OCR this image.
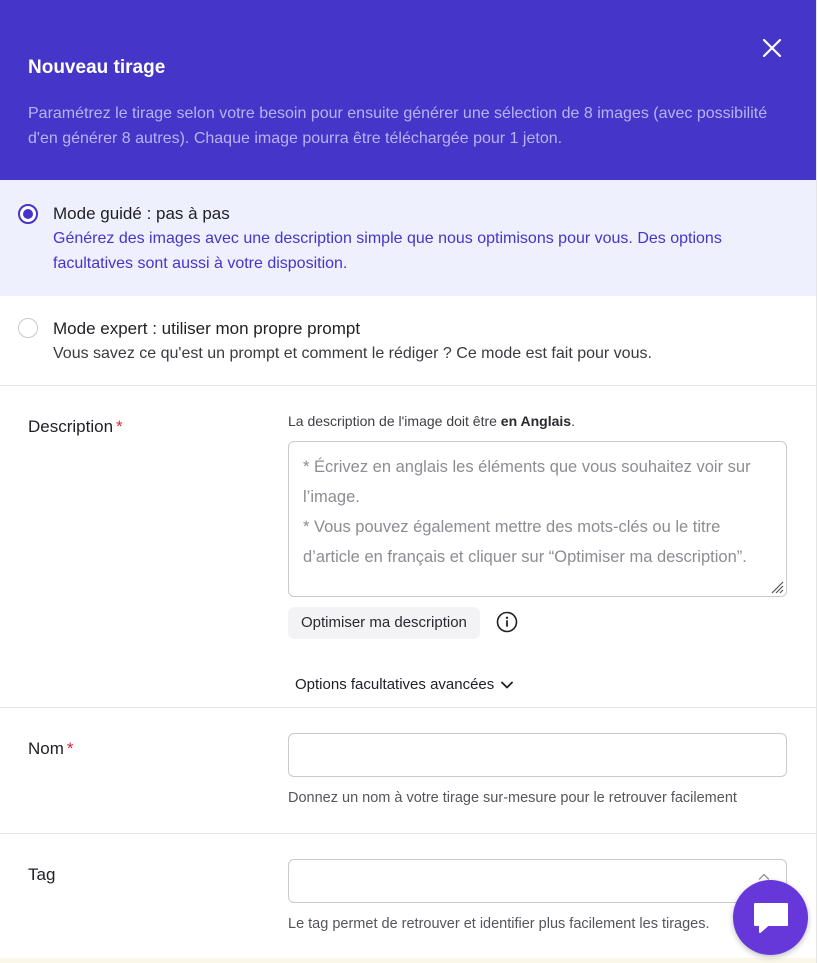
Nouveau tirage
Paramétrez le tirage selon votre besoin pour ensuite générer une sélection de 8 images (avec possibilité d'en générer 8 autres). Chaque image pourra être téléchargée pour 1 jeton.
Mode guidé : pas à pas
Générez des images avec une description simple que nous optimisons pour vous. Des options facultatives sont aussi à votre disposition.
Mode expert : utiliser mon propre prompt
Vous savez ce qu'est un prompt et comment le rédiger ? Ce mode est fait pour vous.
Description *	La description de l'image doit être en Anglais.
* Écrivez en anglais les éléments que vous souhaitez voir sur l’image.
* Vous pouvez également mettre des mots-clés ou le titre d’article en français et cliquer sur “Optimiser ma description”.
Optimiser ma description
Options facultatives avancées
Nom *
Donnez un nom à votre tirage sur-mesure pour le retrouver facilement
Tag
Le tag permet de retrouver et identifier plus facilement les tirages.
